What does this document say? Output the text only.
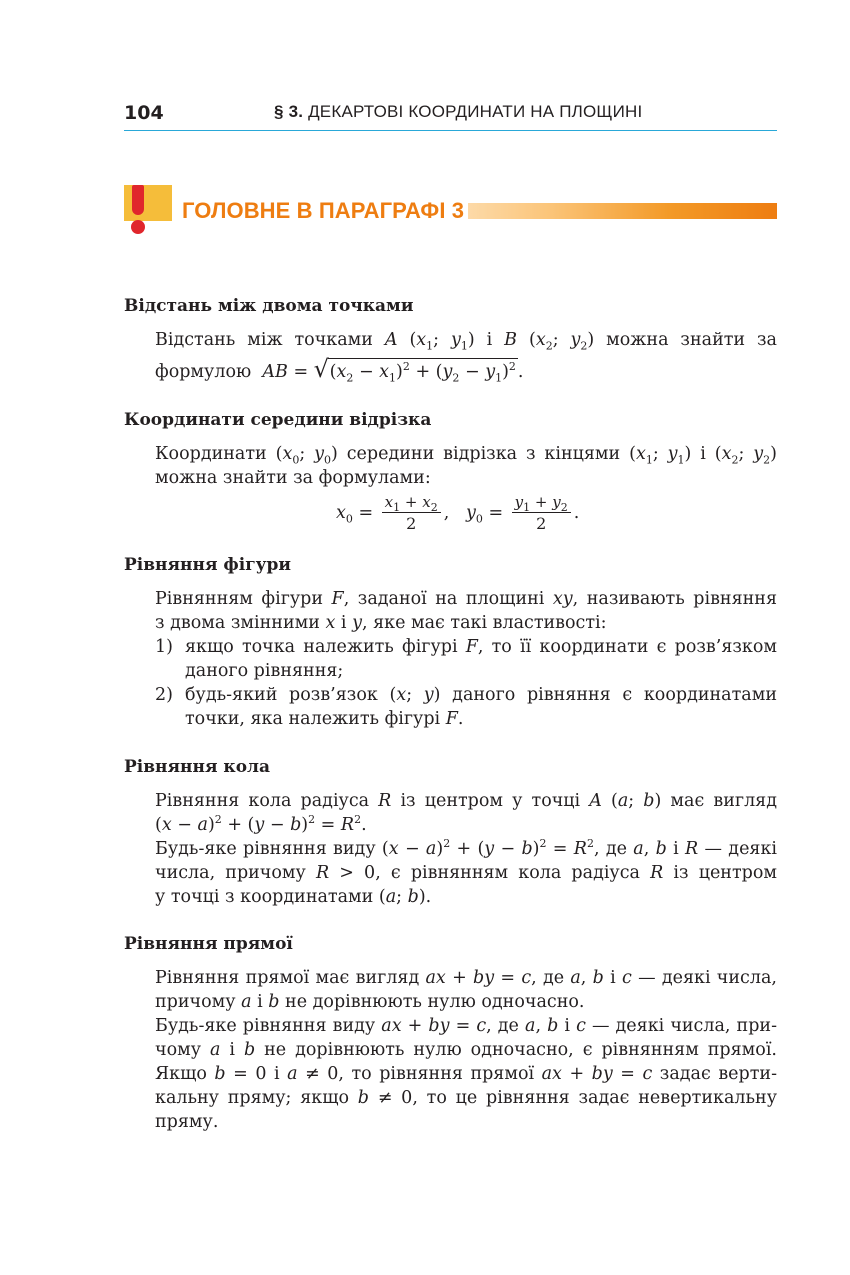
104	§ 3. ДЕКАРТОВІ КООРДИНАТИ НА ПЛОЩИНІ
ГОЛОВНЕ В ПАРАГРАФІ 3
Відстань між двома точками
Відстань між точками A ($x_1$; $y_1$) і B ($x_2$; $y_2$) можна знайти за
формулою AB = √ $(x_2 - x_1)^2 + (y_2 - y_1)^2$ .
Координати середини відрізка
Координати ($x_0$; $y_0$) середини відрізка з кінцями ($x_1$; $y_1$) і ($x_2$; $y_2$)
можна знайти за формулами:
$x_0 = \frac{x_1 + x_2}{2}$ ,   $y_0 = \frac{y_1 + y_2}{2}$ .
Рівняння фігури
Рівнянням фігури F, заданої на площині xy, називають рівняння
з двома змінними x і y, яке має такі властивості:
1) якщо точка належить фігурі F, то її координати є розв’язком
даного рівняння;
2) будь-який розв’язок (x; y) даного рівняння є координатами
точки, яка належить фігурі F.
Рівняння кола
Рівняння кола радіуса R із центром у точці A (a; b) має вигляд
$(x - a)^2 + (y - b)^2 = R^2$.
Будь-яке рівняння виду $(x - a)^2 + (y - b)^2 = R^2$, де a, b і R — деякі
числа, причому R > 0, є рівнянням кола радіуса R із центром
у точці з координатами (a; b).
Рівняння прямої
Рівняння прямої має вигляд ax + by = c, де a, b і c — деякі числа,
причому a і b не дорівнюють нулю одночасно.
Будь-яке рівняння виду ax + by = c, де a, b і c — деякі числа, при-
чому a і b не дорівнюють нулю одночасно, є рівнянням прямої.
Якщо b = 0 і a ≠ 0, то рівняння прямої ax + by = c задає верти-
кальну пряму; якщо b ≠ 0, то це рівняння задає невертикальну
пряму.
